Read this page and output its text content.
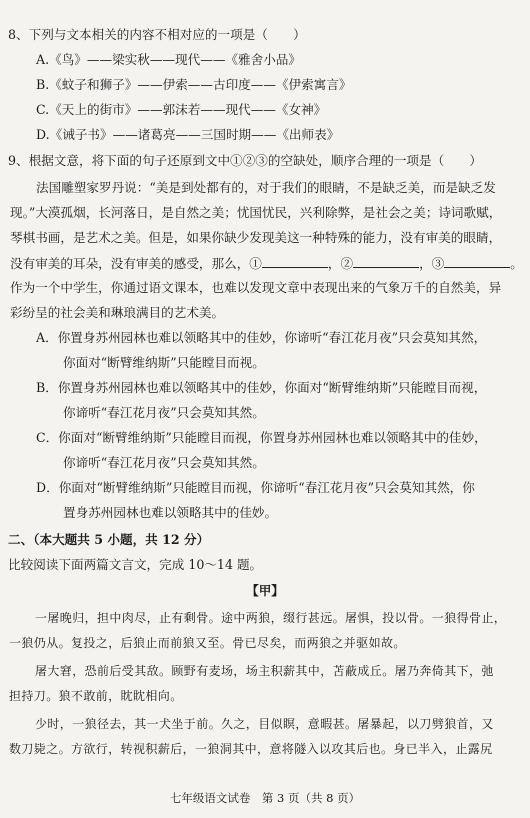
8、下列与文本相关的内容不相对应的一项是（　　）
A.《鸟》——梁实秋——现代——《雅舍小品》
B.《蚊子和狮子》——伊索——古印度——《伊索寓言》
C.《天上的街市》——郭沫若——现代——《女神》
D.《诫子书》——诸葛亮——三国时期——《出师表》
9、根据文意，将下面的句子还原到文中①②③的空缺处，顺序合理的一项是（　　）
法国雕塑家罗丹说：“美是到处都有的，对于我们的眼睛，不是缺乏美，而是缺乏发
现。”大漠孤烟，长河落日，是自然之美；忧国忧民，兴利除弊，是社会之美；诗词歌赋，
琴棋书画，是艺术之美。但是，如果你缺少发现美这一种特殊的能力，没有审美的眼睛，
没有审美的耳朵，没有审美的感受，那么，①	，②	，③	。
作为一个中学生，你通过语文课本，也难以发现文章中表现出来的气象万千的自然美，异
彩纷呈的社会美和琳琅满目的艺术美。
A．你置身苏州园林也难以领略其中的佳妙，你谛听“春江花月夜”只会莫知其然，
你面对“断臂维纳斯”只能瞠目而视。
B．你置身苏州园林也难以领略其中的佳妙，你面对“断臂维纳斯”只能瞠目而视，
你谛听“春江花月夜”只会莫知其然。
C．你面对“断臂维纳斯”只能瞠目而视，你置身苏州园林也难以领略其中的佳妙，
你谛听“春江花月夜”只会莫知其然。
D．你面对“断臂维纳斯”只能瞠目而视，你谛听“春江花月夜”只会莫知其然，你
置身苏州园林也难以领略其中的佳妙。
二、（本大题共 5 小题，共 12 分）
比较阅读下面两篇文言文，完成 10～14 题。
【甲】
一屠晚归，担中肉尽，止有剩骨。途中两狼，缀行甚远。屠惧，投以骨。一狼得骨止，
一狼仍从。复投之，后狼止而前狼又至。骨已尽矣，而两狼之并驱如故。
屠大窘，恐前后受其敌。顾野有麦场，场主积薪其中，苫蔽成丘。屠乃奔倚其下，弛
担持刀。狼不敢前，眈眈相向。
少时，一狼径去，其一犬坐于前。久之，目似瞑，意暇甚。屠暴起，以刀劈狼首，又
数刀毙之。方欲行，转视积薪后，一狼洞其中，意将隧入以攻其后也。身已半入，止露尻
七年级语文试卷　第 3 页（共 8 页）
